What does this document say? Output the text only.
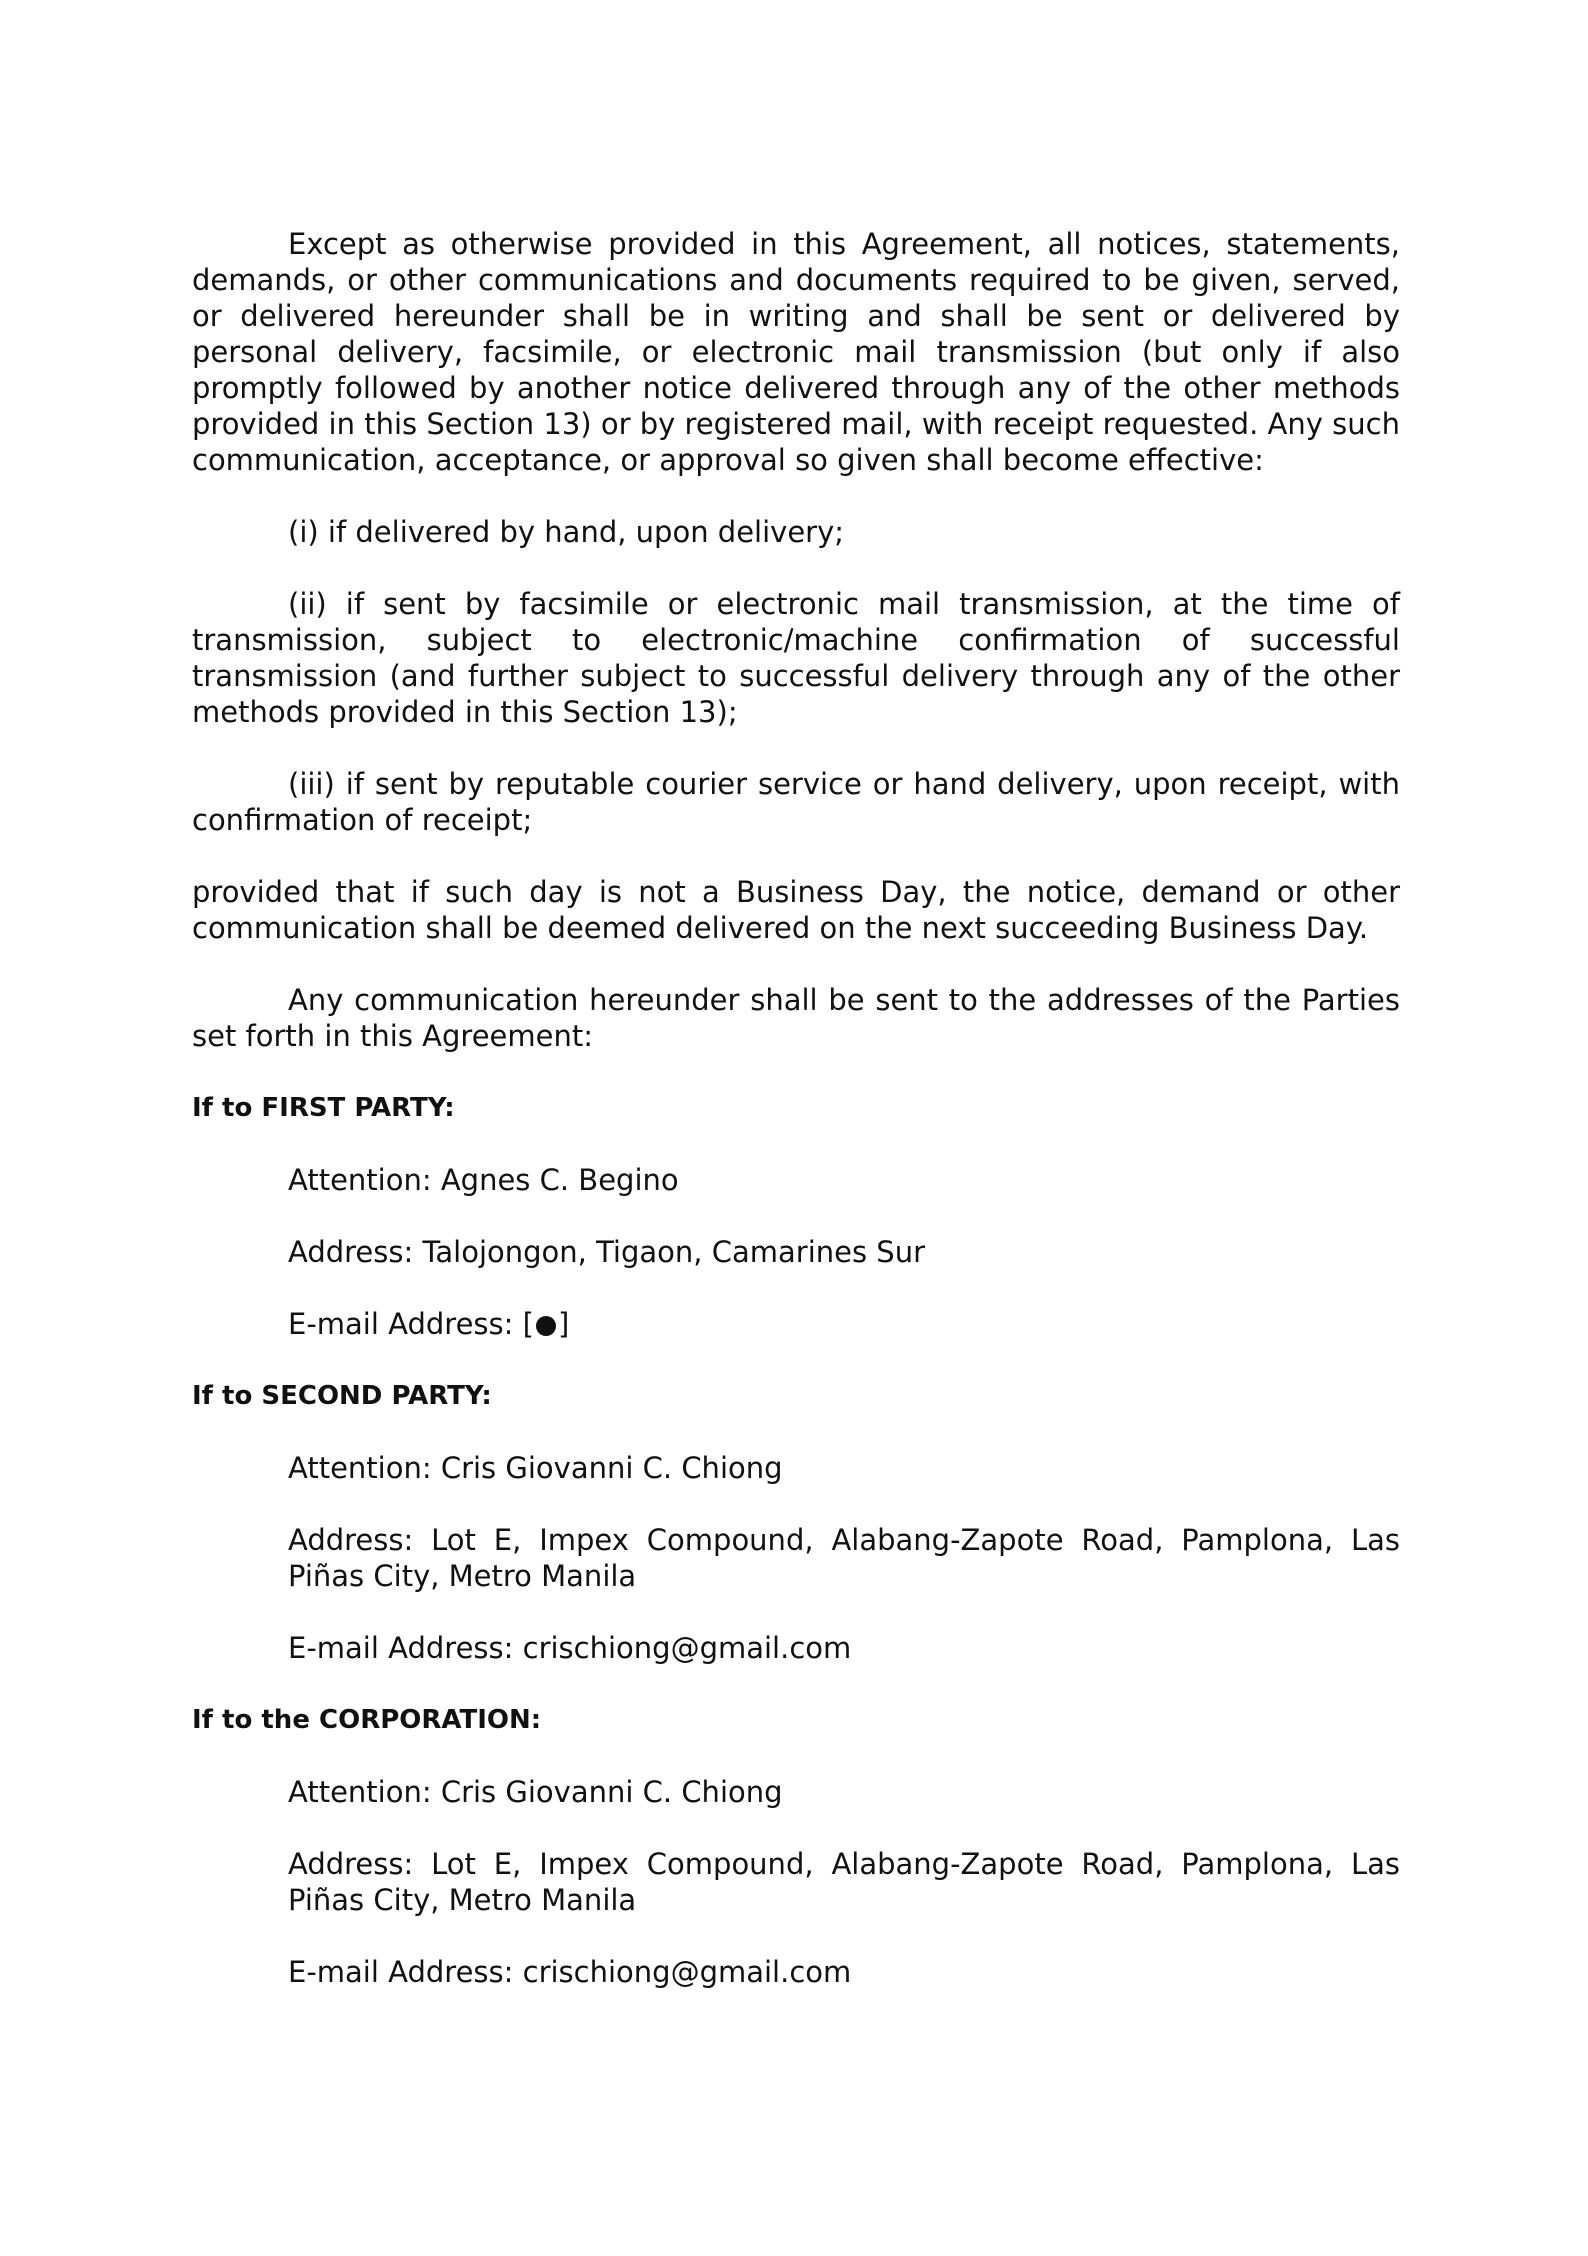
Except as otherwise provided in this Agreement, all notices, statements, demands, or other communications and documents required to be given, served, or delivered hereunder shall be in writing and shall be sent or delivered by personal delivery, facsimile, or electronic mail transmission (but only if also promptly followed by another notice delivered through any of the other methods provided in this Section 13) or by registered mail, with receipt requested. Any such communication, acceptance, or approval so given shall become effective:

(i) if delivered by hand, upon delivery;

(ii) if sent by facsimile or electronic mail transmission, at the time of transmission, subject to electronic/machine confirmation of successful transmission (and further subject to successful delivery through any of the other methods provided in this Section 13);

(iii) if sent by reputable courier service or hand delivery, upon receipt, with confirmation of receipt;

provided that if such day is not a Business Day, the notice, demand or other communication shall be deemed delivered on the next succeeding Business Day.

Any communication hereunder shall be sent to the addresses of the Parties set forth in this Agreement:

If to FIRST PARTY:
Attention: Agnes C. Begino
Address: Talojongon, Tigaon, Camarines Sur
E-mail Address: [ ]
If to SECOND PARTY:
Attention: Cris Giovanni C. Chiong
Address: Lot E, Impex Compound, Alabang-Zapote Road, Pamplona, Las Piñas City, Metro Manila
E-mail Address: crischiong@gmail.com
If to the CORPORATION:
Attention: Cris Giovanni C. Chiong
Address: Lot E, Impex Compound, Alabang-Zapote Road, Pamplona, Las Piñas City, Metro Manila
E-mail Address: crischiong@gmail.com
